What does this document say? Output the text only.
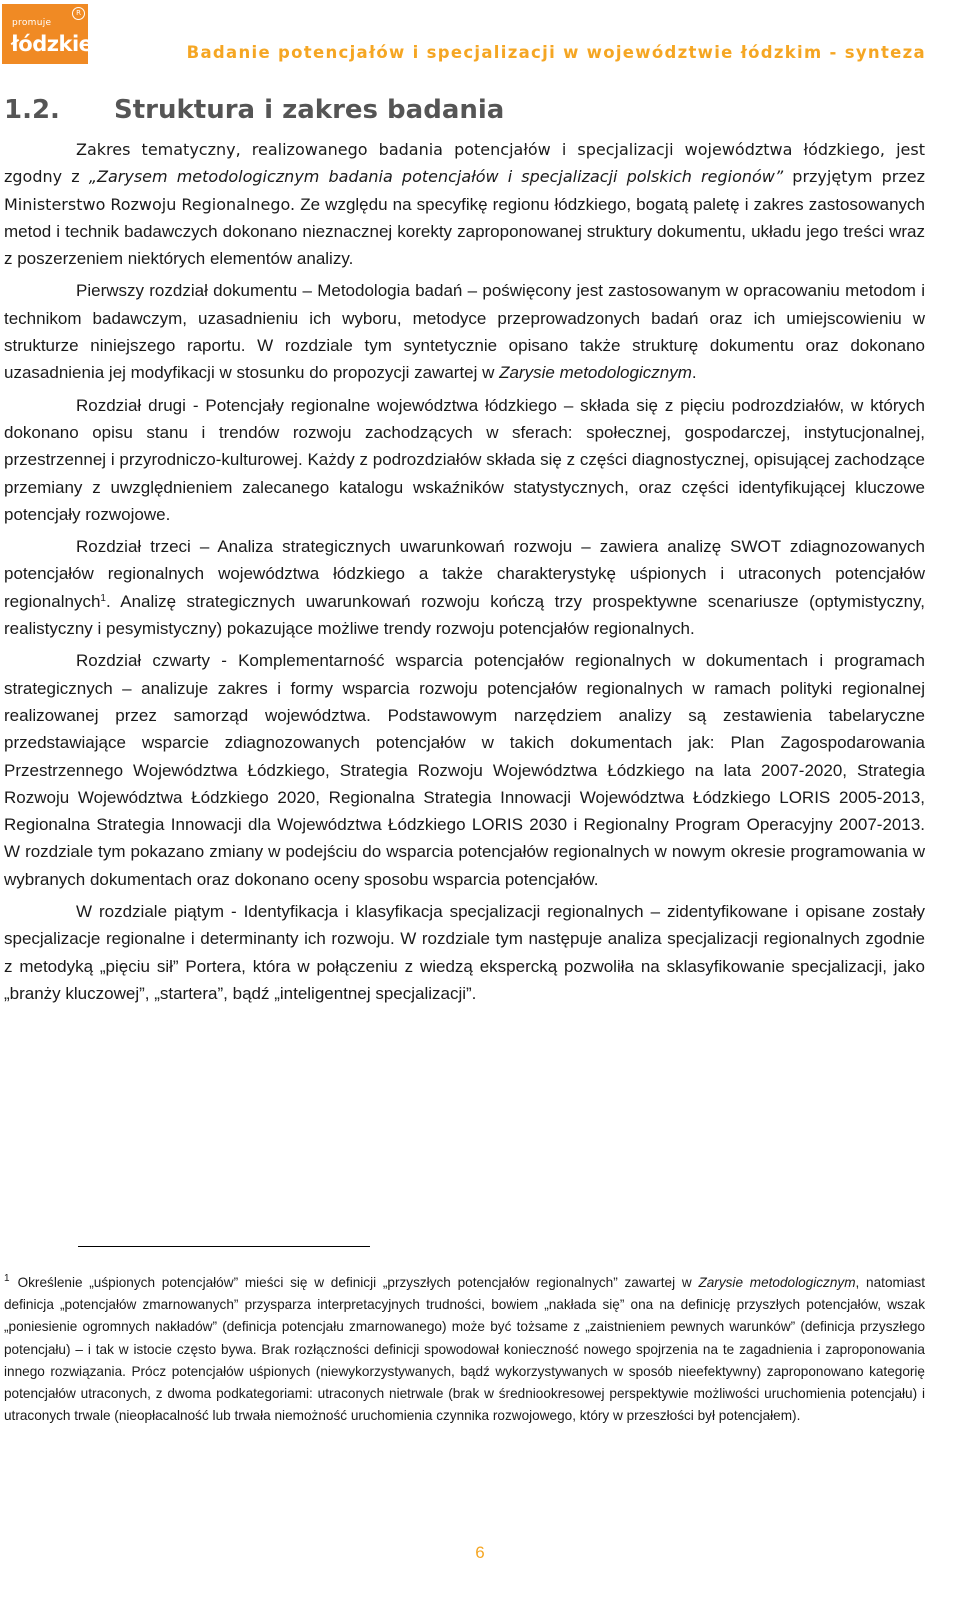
promuje
łódzkie
R
Badanie potencjałów i specjalizacji w województwie łódzkim - synteza
1.2. Struktura i zakres badania

Zakres tematyczny, realizowanego badania potencjałów i specjalizacji województwa łódzkiego, jest zgodny z „Zarysem metodologicznym badania potencjałów i specjalizacji polskich regionów” przyjętym przez Ministerstwo Rozwoju Regionalnego. Ze względu na specyfikę regionu łódzkiego, bogatą paletę i zakres zastosowanych metod i technik badawczych dokonano nieznacznej korekty zaproponowanej struktury dokumentu, układu jego treści wraz z poszerzeniem niektórych elementów analizy.

Pierwszy rozdział dokumentu – Metodologia badań – poświęcony jest zastosowanym w opracowaniu metodom i technikom badawczym, uzasadnieniu ich wyboru, metodyce przeprowadzonych badań oraz ich umiejscowieniu w strukturze niniejszego raportu. W rozdziale tym syntetycznie opisano także strukturę dokumentu oraz dokonano uzasadnienia jej modyfikacji w stosunku do propozycji zawartej w Zarysie metodologicznym.

Rozdział drugi - Potencjały regionalne województwa łódzkiego – składa się z pięciu podrozdziałów, w których dokonano opisu stanu i trendów rozwoju zachodzących w sferach: społecznej, gospodarczej, instytucjonalnej, przestrzennej i przyrodniczo-kulturowej. Każdy z podrozdziałów składa się z części diagnostycznej, opisującej zachodzące przemiany z uwzględnieniem zalecanego katalogu wskaźników statystycznych, oraz części identyfikującej kluczowe potencjały rozwojowe.

Rozdział trzeci – Analiza strategicznych uwarunkowań rozwoju – zawiera analizę SWOT zdiagnozowanych potencjałów regionalnych województwa łódzkiego a także charakterystykę uśpionych i utraconych potencjałów regionalnych$^1$. Analizę strategicznych uwarunkowań rozwoju kończą trzy prospektywne scenariusze (optymistyczny, realistyczny i pesymistyczny) pokazujące możliwe trendy rozwoju potencjałów regionalnych.

Rozdział czwarty - Komplementarność wsparcia potencjałów regionalnych w dokumentach i programach strategicznych – analizuje zakres i formy wsparcia rozwoju potencjałów regionalnych w ramach polityki regionalnej realizowanej przez samorząd województwa. Podstawowym narzędziem analizy są zestawienia tabelaryczne przedstawiające wsparcie zdiagnozowanych potencjałów w takich dokumentach jak: Plan Zagospodarowania Przestrzennego Województwa Łódzkiego, Strategia Rozwoju Województwa Łódzkiego na lata 2007-2020, Strategia Rozwoju Województwa Łódzkiego 2020, Regionalna Strategia Innowacji Województwa Łódzkiego LORIS 2005-2013, Regionalna Strategia Innowacji dla Województwa Łódzkiego LORIS 2030 i Regionalny Program Operacyjny 2007-2013. W rozdziale tym pokazano zmiany w podejściu do wsparcia potencjałów regionalnych w nowym okresie programowania w wybranych dokumentach oraz dokonano oceny sposobu wsparcia potencjałów.

W rozdziale piątym - Identyfikacja i klasyfikacja specjalizacji regionalnych – zidentyfikowane i opisane zostały specjalizacje regionalne i determinanty ich rozwoju. W rozdziale tym następuje analiza specjalizacji regionalnych zgodnie z metodyką „pięciu sił” Portera, która w połączeniu z wiedzą ekspercką pozwoliła na sklasyfikowanie specjalizacji, jako „branży kluczowej”, „startera”, bądź „inteligentnej specjalizacji”.

$^1$ Określenie „uśpionych potencjałów” mieści się w definicji „przyszłych potencjałów regionalnych” zawartej w Zarysie metodologicznym, natomiast definicja „potencjałów zmarnowanych” przysparza interpretacyjnych trudności, bowiem „nakłada się” ona na definicję przyszłych potencjałów, wszak „poniesienie ogromnych nakładów” (definicja potencjału zmarnowanego) może być tożsame z „zaistnieniem pewnych warunków” (definicja przyszłego potencjału) – i tak w istocie często bywa. Brak rozłączności definicji spowodował konieczność nowego spojrzenia na te zagadnienia i zaproponowania innego rozwiązania. Prócz potencjałów uśpionych (niewykorzystywanych, bądź wykorzystywanych w sposób nieefektywny) zaproponowano kategorię potencjałów utraconych, z dwoma podkategoriami: utraconych nietrwale (brak w średniookresowej perspektywie możliwości uruchomienia potencjału) i utraconych trwale (nieopłacalność lub trwała niemożność uruchomienia czynnika rozwojowego, który w przeszłości był potencjałem).

6
